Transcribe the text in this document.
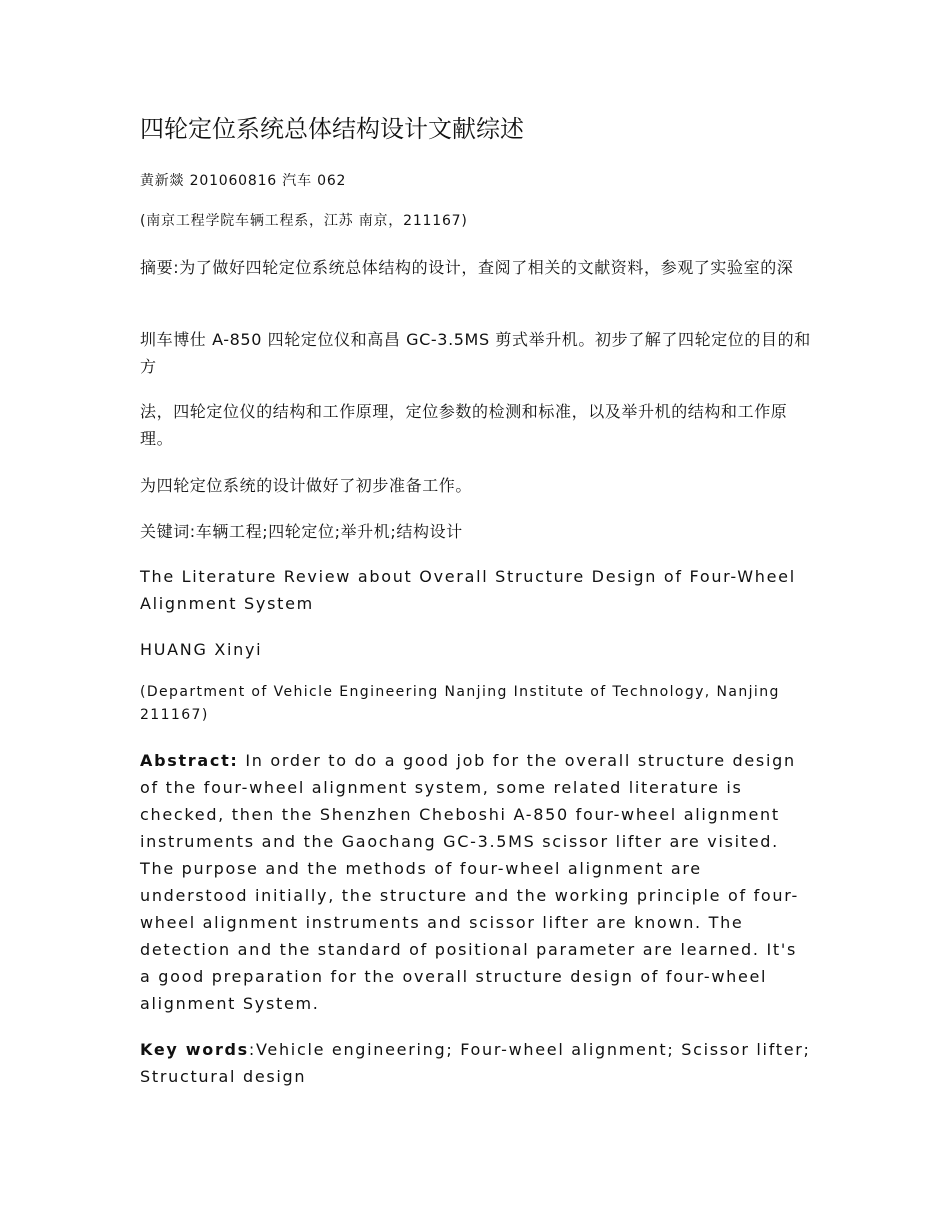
四轮定位系统总体结构设计文献综述

黄新燚 201060816 汽车 062

(南京工程学院车辆工程系，江苏 南京，211167)

摘要:为了做好四轮定位系统总体结构的设计，查阅了相关的文献资料，参观了实验室的深

圳车博仕 A-850 四轮定位仪和高昌 GC-3.5MS 剪式举升机。初步了解了四轮定位的目的和方

法，四轮定位仪的结构和工作原理，定位参数的检测和标准，以及举升机的结构和工作原理。

为四轮定位系统的设计做好了初步准备工作。

关键词:车辆工程;四轮定位;举升机;结构设计

The Literature Review about Overall Structure Design of Four-Wheel Alignment System

HUANG Xinyi

(Department of Vehicle Engineering Nanjing Institute of Technology, Nanjing 211167)

Abstract: In order to do a good job for the overall structure design of the four-wheel alignment system, some related literature is checked, then the Shenzhen Cheboshi A-850 four-wheel alignment instruments and the Gaochang GC-3.5MS scissor lifter are visited. The purpose and the methods of four-wheel alignment are understood initially, the structure and the working principle of four-wheel alignment instruments and scissor lifter are known. The detection and the standard of positional parameter are learned. It's a good preparation for the overall structure design of four-wheel alignment System.

Key words:Vehicle engineering; Four-wheel alignment; Scissor lifter; Structural design
